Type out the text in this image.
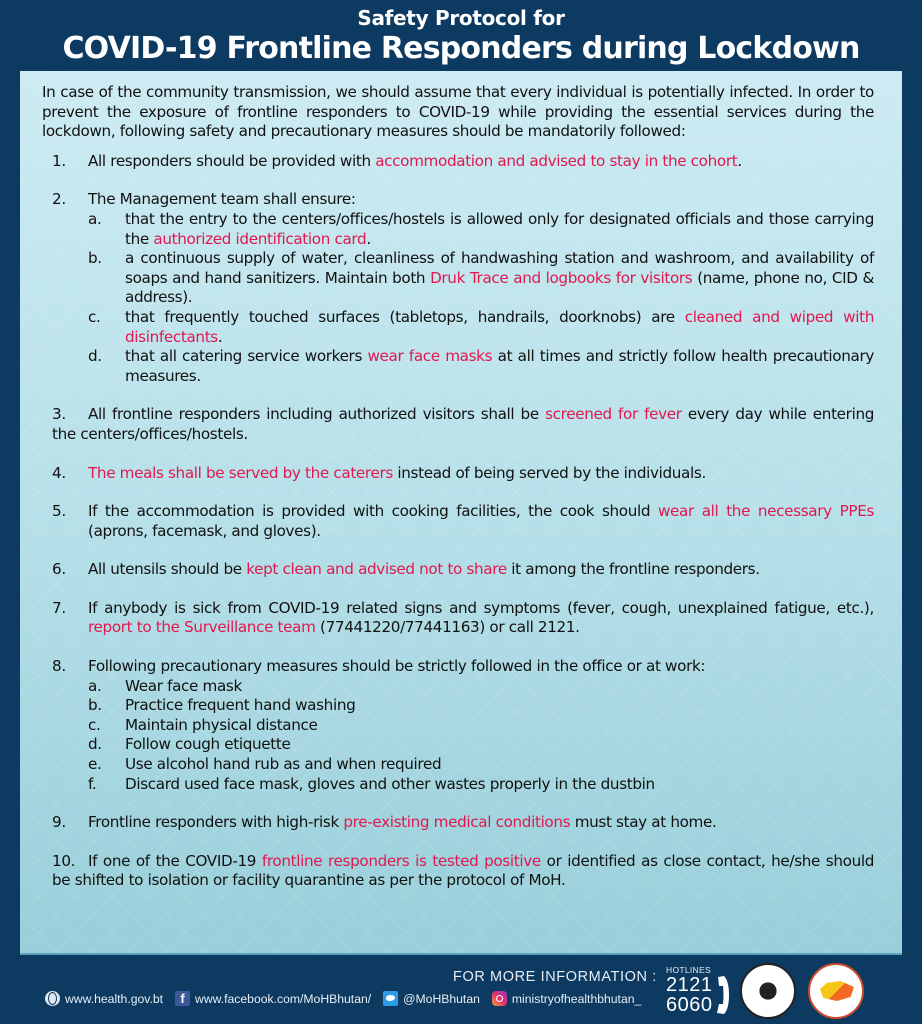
Safety Protocol for
COVID-19 Frontline Responders during Lockdown

In case of the community transmission, we should assume that every individual is potentially infected. In order to prevent the exposure of frontline responders to COVID-19 while providing the essential services during the lockdown, following safety and precautionary measures should be mandatorily followed:

1. All responders should be provided with accommodation and advised to stay in the cohort.
2. The Management team shall ensure:
a. that the entry to the centers/offices/hostels is allowed only for designated officials and those carrying the authorized identification card.
b. a continuous supply of water, cleanliness of handwashing station and washroom, and availability of soaps and hand sanitizers. Maintain both Druk Trace and logbooks for visitors (name, phone no, CID & address).
c. that frequently touched surfaces (tabletops, handrails, doorknobs) are cleaned and wiped with disinfectants.
d. that all catering service workers wear face masks at all times and strictly follow health precautionary measures.
3. All frontline responders including authorized visitors shall be screened for fever every day while entering the centers/offices/hostels.
4. The meals shall be served by the caterers instead of being served by the individuals.
5. If the accommodation is provided with cooking facilities, the cook should wear all the necessary PPEs (aprons, facemask, and gloves).
6. All utensils should be kept clean and advised not to share it among the frontline responders.
7. If anybody is sick from COVID-19 related signs and symptoms (fever, cough, unexplained fatigue, etc.), report to the Surveillance team (77441220/77441163) or call 2121.
8. Following precautionary measures should be strictly followed in the office or at work:
a. Wear face mask
b. Practice frequent hand washing
c. Maintain physical distance
d. Follow cough etiquette
e. Use alcohol hand rub as and when required
f. Discard used face mask, gloves and other wastes properly in the dustbin
9. Frontline responders with high-risk pre-existing medical conditions must stay at home.
10. If one of the COVID-19 frontline responders is tested positive or identified as close contact, he/she should be shifted to isolation or facility quarantine as per the protocol of MoH.
FOR MORE INFORMATION :
www.health.gov.bt	f www.facebook.com/MoHBhutan/	@MoHBhutan	ministryofhealthbhutan_
HOTLINES
2121
6060
